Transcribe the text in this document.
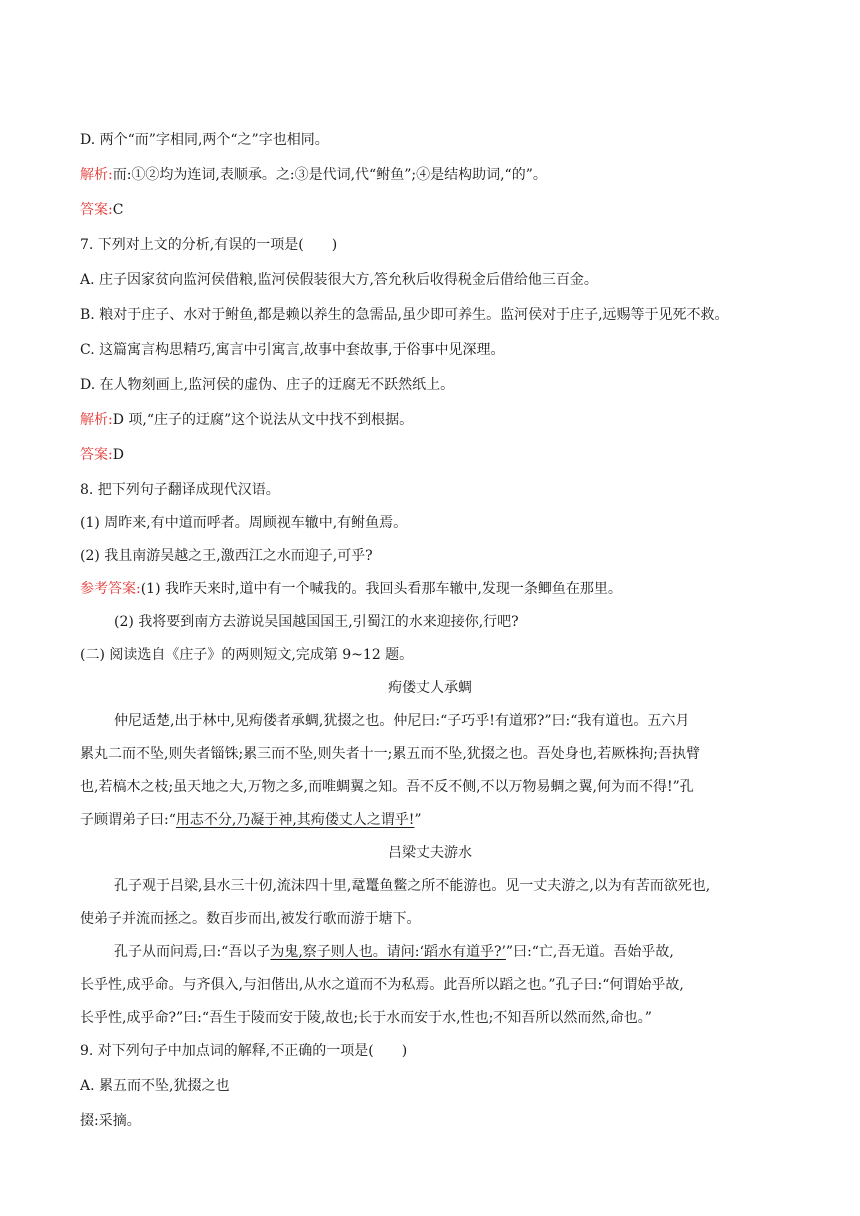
D. 两个“而”字相同,两个“之”字也相同。
解析:而:①②均为连词,表顺承。之:③是代词,代“鲋鱼”;④是结构助词,“的”。
答案:C
7. 下列对上文的分析,有误的一项是(　　)
A. 庄子因家贫向监河侯借粮,监河侯假装很大方,答允秋后收得税金后借给他三百金。
B. 粮对于庄子、水对于鲋鱼,都是赖以养生的急需品,虽少即可养生。监河侯对于庄子,远赐等于见死不救。
C. 这篇寓言构思精巧,寓言中引寓言,故事中套故事,于俗事中见深理。
D. 在人物刻画上,监河侯的虚伪、庄子的迂腐无不跃然纸上。
解析:D 项,“庄子的迂腐”这个说法从文中找不到根据。
答案:D
8. 把下列句子翻译成现代汉语。
(1) 周昨来,有中道而呼者。周顾视车辙中,有鲋鱼焉。
(2) 我且南游吴越之王,激西江之水而迎子,可乎?
参考答案:(1) 我昨天来时,道中有一个喊我的。我回头看那车辙中,发现一条鲫鱼在那里。
(2) 我将要到南方去游说吴国越国国王,引蜀江的水来迎接你,行吧?
(二) 阅读选自《庄子》的两则短文,完成第 9~12 题。
痀偻丈人承蜩
仲尼适楚,出于林中,见痀偻者承蜩,犹掇之也。仲尼曰:“子巧乎!有道邪?”曰:“我有道也。五六月
累丸二而不坠,则失者锱铢;累三而不坠,则失者十一;累五而不坠,犹掇之也。吾处身也,若厥株拘;吾执臂
也,若槁木之枝;虽天地之大,万物之多,而唯蜩翼之知。吾不反不侧,不以万物易蜩之翼,何为而不得!”孔
子顾谓弟子曰:“用志不分,乃凝于神,其痀偻丈人之谓乎!”
吕梁丈夫游水
孔子观于吕梁,县水三十仞,流沫四十里,鼋鼍鱼鳖之所不能游也。见一丈夫游之,以为有苦而欲死也,
使弟子并流而拯之。数百步而出,被发行歌而游于塘下。
孔子从而问焉,曰:“吾以子为鬼,察子则人也。请问:‘蹈水有道乎?’”曰:“亡,吾无道。吾始乎故,
长乎性,成乎命。与齐俱入,与汩偕出,从水之道而不为私焉。此吾所以蹈之也。”孔子曰:“何谓始乎故,
长乎性,成乎命?”曰:“吾生于陵而安于陵,故也;长于水而安于水,性也;不知吾所以然而然,命也。”
9. 对下列句子中加点词的解释,不正确的一项是(　　)
A. 累五而不坠,犹掇之也
掇:采摘。
